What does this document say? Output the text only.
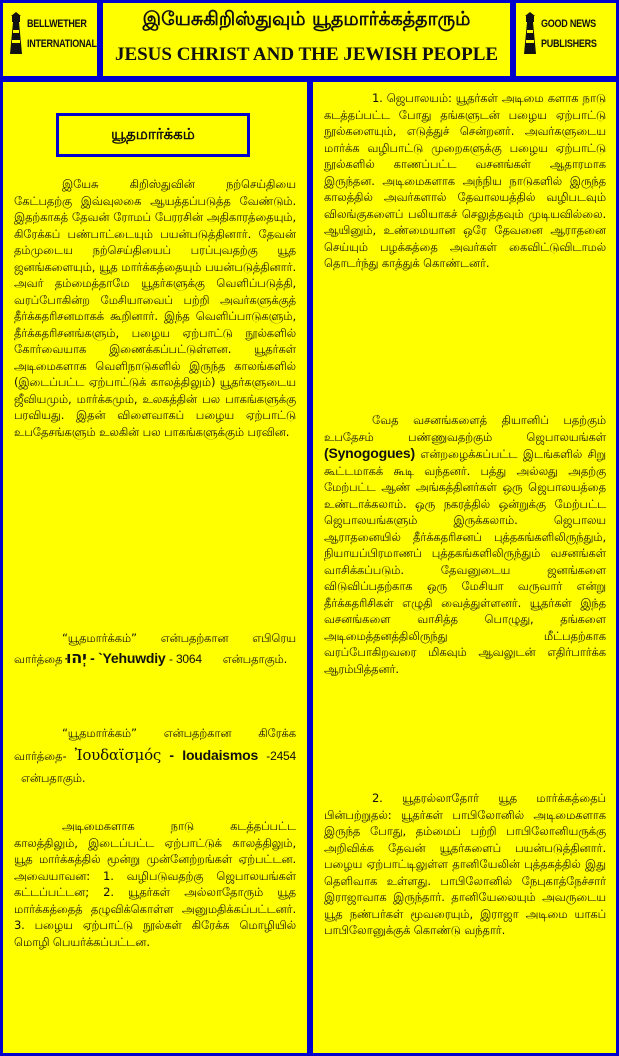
BELLWETHER
INTERNATIONAL
இயேசுகிறிஸ்துவும் யூதமார்க்கத்தாரும்
JESUS CHRIST AND THE JEWISH PEOPLE
GOOD NEWS
PUBLISHERS
யூதமார்க்கம்
இயேசு கிறிஸ்துவின் நற்செய்தியை கேட்பதற்கு இவ்வுலகை ஆயத்தப்படுத்த வேண்டும். இதற்காகத் தேவன் ரோமப் பேரரசின் அதிகாரத்தையும், கிரேக்கப் பண்பாட்டையும் பயன்படுத்தினார். தேவன் தம்முடைய நற்செய்தியைப் பரப்புவதற்கு யூத ஜனங்களையும், யூத மார்க்கத்தையும் பயன்படுத்தினார். அவர் தம்மைத்தாமே யூதர்களுக்கு வெளிப்படுத்தி, வரப்போகின்ற மேசியாவைப் பற்றி அவர்களுக்குத் தீர்க்கதரிசனமாகக் கூறினார். இந்த வெளிப்பாடுகளும், தீர்க்கதரிசனங்களும், பழைய ஏற்பாட்டு நூல்களில் கோர்வையாக இணைக்கப்பட்டுள்ளன. யூதர்கள் அடிமைகளாக வெளிநாடுகளில் இருந்த காலங்களில் (இடைப்பட்ட ஏற்பாட்டுக் காலத்திலும்) யூதர்களுடைய ஜீவியமும், மார்க்கமும், உலகத்தின் பல பாகங்களுக்கு பரவியது. இதன் விளைவாகப் பழைய ஏற்பாட்டு உபதேசங்களும் உலகின் பல பாகங்களுக்கும் பரவின.
“யூதமார்க்கம்” என்பதற்கான எபிரெய வார்த்தை יְהוּ - `Yehuwdiy - 3064 என்பதாகும்.
“யூதமார்க்கம்” என்பதற்கான கிரேக்க வார்த்தை- Ἰουδαϊσμός - Ioudaismos -2454   என்பதாகும்.
அடிமைகளாக நாடு கடத்தப்பட்ட காலத்திலும், இடைப்பட்ட ஏற்பாட்டுக் காலத்திலும், யூத மார்க்கத்தில் மூன்று முன்னேற்றங்கள் ஏற்பட்டன. அவையாவன: 1. வழிபடுவதற்கு ஜெபாலயங்கள் கட்டப்பட்டன; 2. யூதர்கள் அல்லாதோரும் யூத மார்க்கத்தைத் தழுவிக்கொள்ள அனுமதிக்கப்பட்டனர். 3. பழைய ஏற்பாட்டு நூல்கள் கிரேக்க மொழியில் மொழி பெயர்க்கப்பட்டன.
1. ஜெபாலயம்: யூதர்கள் அடிமை களாக நாடு கடத்தப்பட்ட போது தங்களுடன் பழைய ஏற்பாட்டு நூல்களையும், எடுத்துச் சென்றனர். அவர்களுடைய மார்க்க வழிபாட்டு முறைகளுக்கு பழைய ஏற்பாட்டு நூல்களில் காணப்பட்ட வசனங்கள் ஆதாரமாக இருந்தன. அடிமைகளாக அந்நிய நாடுகளில் இருந்த காலத்தில் அவர்களால் தேவாலயத்தில் வழிபடவும் விலங்குகளைப் பலியாகச் செலுத்தவும் முடியவில்லை. ஆயினும், உண்மையான ஒரே தேவனை ஆராதனை செய்யும் பழக்கத்தை அவர்கள் கைவிட்டுவிடாமல் தொடர்ந்து காத்துக் கொண்டனர்.
வேத வசனங்களைத் தியானிப் பதற்கும் உபதேசம் பண்ணுவதற்கும் ஜெபாலயங்கள் (Synogogues) என்றழைக்கப்பட்ட இடங்களில் சிறு கூட்டமாகக் கூடி வந்தனர். பத்து அல்லது அதற்கு மேற்பட்ட ஆண் அங்கத்தினர்கள் ஒரு ஜெபாலயத்தை உண்டாக்கலாம். ஒரு நகரத்தில் ஒன்றுக்கு மேற்பட்ட ஜெபாலயங்களும் இருக்கலாம். ஜெபாலய ஆராதனையில் தீர்க்கதரிசனப் புத்தகங்களிலிருந்தும், நியாயப்பிரமாணப் புத்தகங்களிலிருந்தும் வசனங்கள் வாசிக்கப்படும். தேவனுடைய ஜனங்களை விடுவிப்பதற்காக ஒரு மேசியா வருவார் என்று தீர்க்கதரிசிகள் எழுதி வைத்துள்ளனர். யூதர்கள் இந்த வசனங்களை வாசித்த பொழுது, தங்களை அடிமைத்தனத்திலிருந்து மீட்பதற்காக வரப்போகிறவரை மிகவும் ஆவலுடன் எதிர்பார்க்க ஆரம்பித்தனர்.
2. யூதரல்லாதோர் யூத மார்க்கத்தைப் பின்பற்றுதல்: யூதர்கள் பாபிலோனில் அடிமைகளாக இருந்த போது, தம்மைப் பற்றி பாபிலோனியருக்கு அறிவிக்க தேவன் யூதர்களைப் பயன்படுத்தினார். பழைய ஏற்பாட்டிலுள்ள தானியேலின் புத்தகத்தில் இது தெளிவாக உள்ளது. பாபிலோனில் நேபுகாத்நேச்சார் இராஜாவாக இருந்தார். தானியேலையும் அவருடைய யூத நண்பர்கள் மூவரையும், இராஜா அடிமை யாகப் பாபிலோனுக்குக் கொண்டு வந்தார்.
